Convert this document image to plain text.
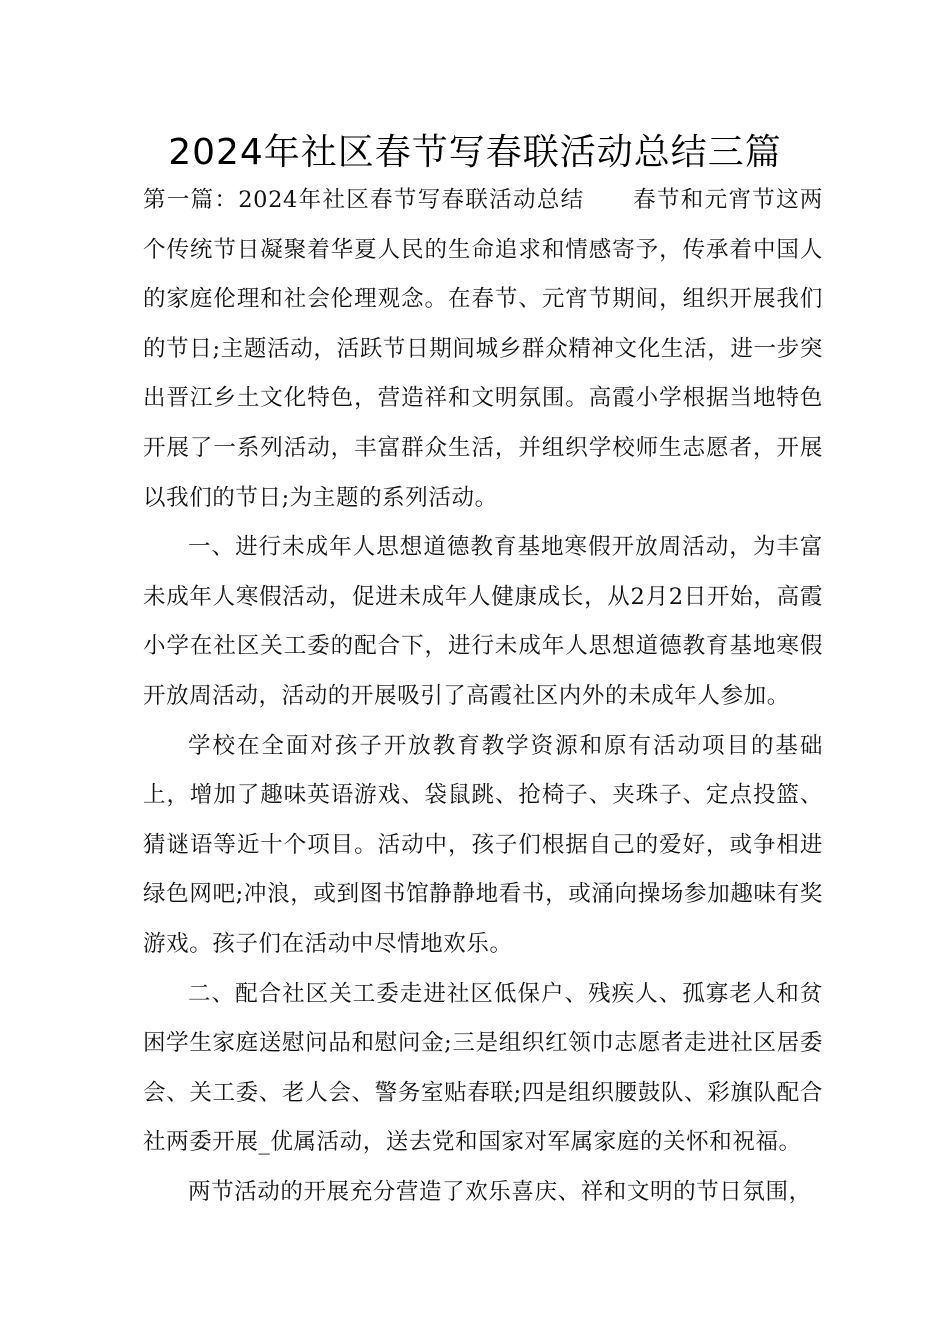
2024年社区春节写春联活动总结三篇

第一篇：2024年社区春节写春联活动总结 春节和元宵节这两个传统节日凝聚着华夏人民的生命追求和情感寄予，传承着中国人的家庭伦理和社会伦理观念。在春节、元宵节期间，组织开展我们的节日;主题活动，活跃节日期间城乡群众精神文化生活，进一步突出晋江乡土文化特色，营造祥和文明氛围。高霞小学根据当地特色开展了一系列活动，丰富群众生活，并组织学校师生志愿者，开展以我们的节日;为主题的系列活动。

一、进行未成年人思想道德教育基地寒假开放周活动，为丰富未成年人寒假活动，促进未成年人健康成长，从2月2日开始，高霞小学在社区关工委的配合下，进行未成年人思想道德教育基地寒假开放周活动，活动的开展吸引了高霞社区内外的未成年人参加。

学校在全面对孩子开放教育教学资源和原有活动项目的基础上，增加了趣味英语游戏、袋鼠跳、抢椅子、夹珠子、定点投篮、猜谜语等近十个项目。活动中，孩子们根据自己的爱好，或争相进绿色网吧;冲浪，或到图书馆静静地看书，或涌向操场参加趣味有奖游戏。孩子们在活动中尽情地欢乐。

二、配合社区关工委走进社区低保户、残疾人、孤寡老人和贫困学生家庭送慰问品和慰问金;三是组织红领巾志愿者走进社区居委会、关工委、老人会、警务室贴春联;四是组织腰鼓队、彩旗队配合社两委开展_优属活动，送去党和国家对军属家庭的关怀和祝福。

两节活动的开展充分营造了欢乐喜庆、祥和文明的节日氛围，
